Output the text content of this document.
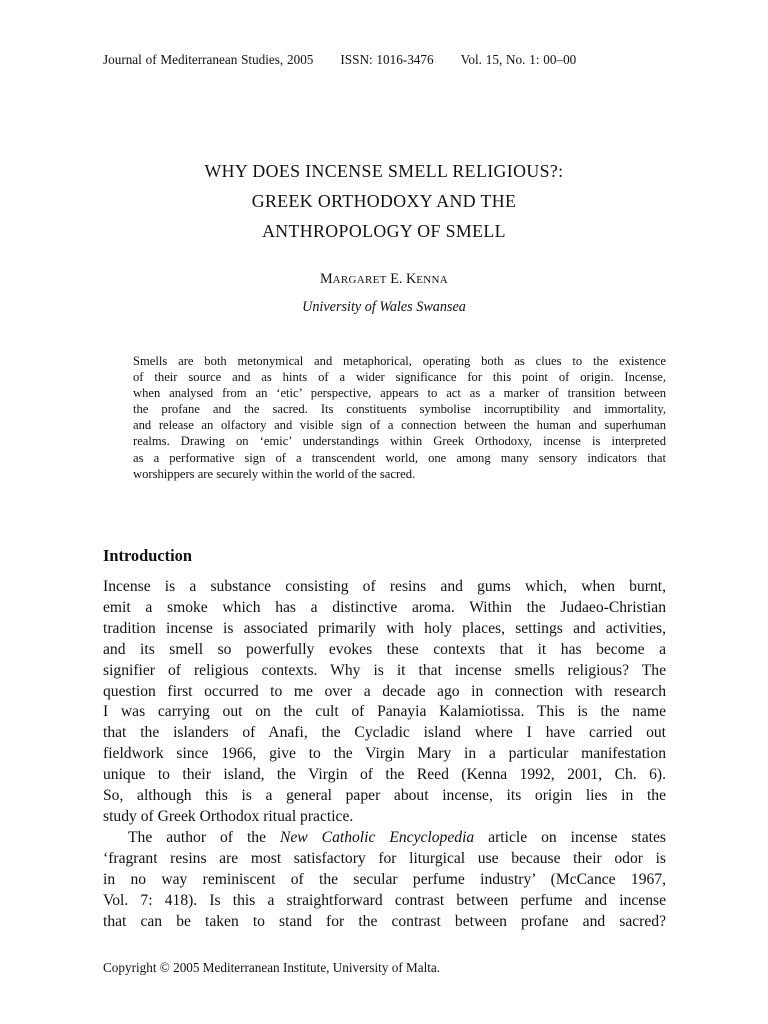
Journal of Mediterranean Studies, 2005 ISSN: 1016-3476 Vol. 15, No. 1: 00–00
WHY DOES INCENSE SMELL RELIGIOUS?:
GREEK ORTHODOXY AND THE
ANTHROPOLOGY OF SMELL
MARGARET E. KENNA
University of Wales Swansea
Smells are both metonymical and metaphorical, operating both as clues to the existence
of their source and as hints of a wider significance for this point of origin. Incense,
when analysed from an ‘etic’ perspective, appears to act as a marker of transition between
the profane and the sacred. Its constituents symbolise incorruptibility and immortality,
and release an olfactory and visible sign of a connection between the human and superhuman
realms. Drawing on ‘emic’ understandings within Greek Orthodoxy, incense is interpreted
as a performative sign of a transcendent world, one among many sensory indicators that
worshippers are securely within the world of the sacred.
Introduction
Incense is a substance consisting of resins and gums which, when burnt,
emit a smoke which has a distinctive aroma. Within the Judaeo-Christian
tradition incense is associated primarily with holy places, settings and activities,
and its smell so powerfully evokes these contexts that it has become a
signifier of religious contexts. Why is it that incense smells religious? The
question first occurred to me over a decade ago in connection with research
I was carrying out on the cult of Panayia Kalamiotissa. This is the name
that the islanders of Anafi, the Cycladic island where I have carried out
fieldwork since 1966, give to the Virgin Mary in a particular manifestation
unique to their island, the Virgin of the Reed (Kenna 1992, 2001, Ch. 6).
So, although this is a general paper about incense, its origin lies in the
study of Greek Orthodox ritual practice.
The author of the New Catholic Encyclopedia article on incense states
‘fragrant resins are most satisfactory for liturgical use because their odor is
in no way reminiscent of the secular perfume industry’ (McCance 1967,
Vol. 7: 418). Is this a straightforward contrast between perfume and incense
that can be taken to stand for the contrast between profane and sacred?
Copyright © 2005 Mediterranean Institute, University of Malta.
